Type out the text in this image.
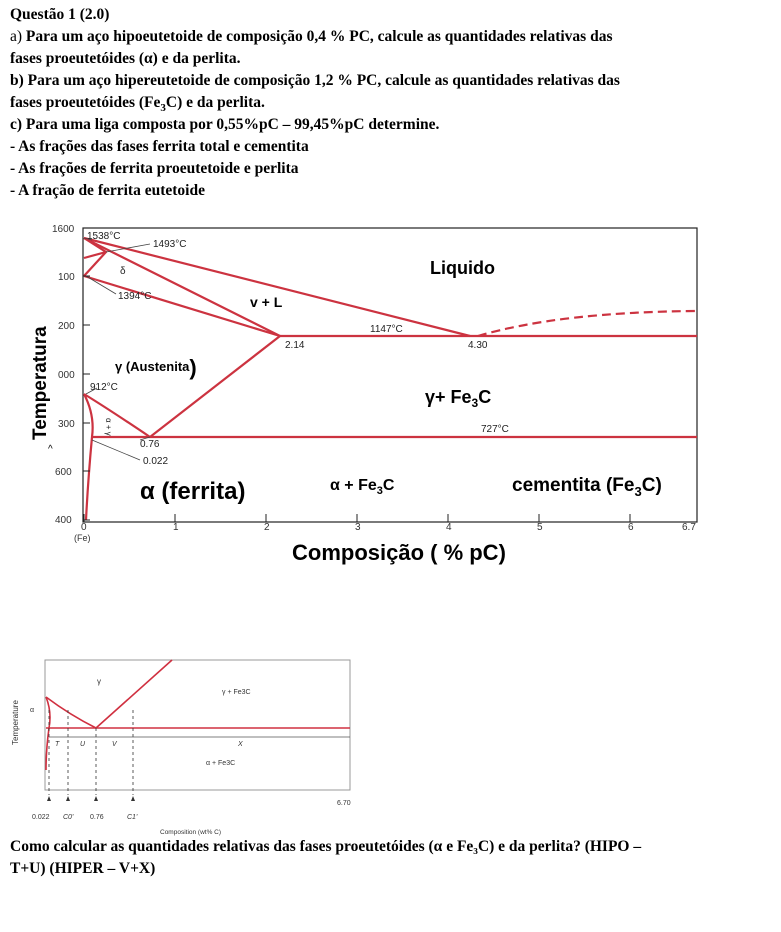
Questão 1 (2.0)
a) Para um aço hipoeutetoide de composição 0,4 % PC, calcule as quantidades relativas das
fases proeutetóides (α) e da perlita.
b) Para um aço hipereutetoide de composição 1,2 % PC, calcule as quantidades relativas das
fases proeutetóides $(Fe_3C)$ e da perlita.
c) Para uma liga composta por 0,55%pC – 99,45%pC determine.
- As frações das fases ferrita total e cementita
- As frações de ferrita proeutetoide e perlita
- A fração de ferrita eutetoide
0	1	2	3	4	5	6	6.7
(Fe)
1600
100
200
000
300
600
400
Temperatura
^
Composição ( % pC)
1538°C
1493°C
δ
1394°C	v + L
Liquido
1147°C
2.14	4.30
γ (Austenita)
912°C	$\gamma+ Fe_3C$
727°C
α + γ
0.76
0.022
α (ferrita)	$\alpha + Fe_3C$	cementita $(Fe_3C)$
Temperature
γ
γ + Fe3C
α + Fe3C
α
T	U	V	X
0.022 C0' 0.76	C1'
6.70
Composition (wt% C)
Como calcular as quantidades relativas das fases proeutetóides (α e Fe₃C) e da perlita? (HIPO –
T+U) (HIPER – V+X)
